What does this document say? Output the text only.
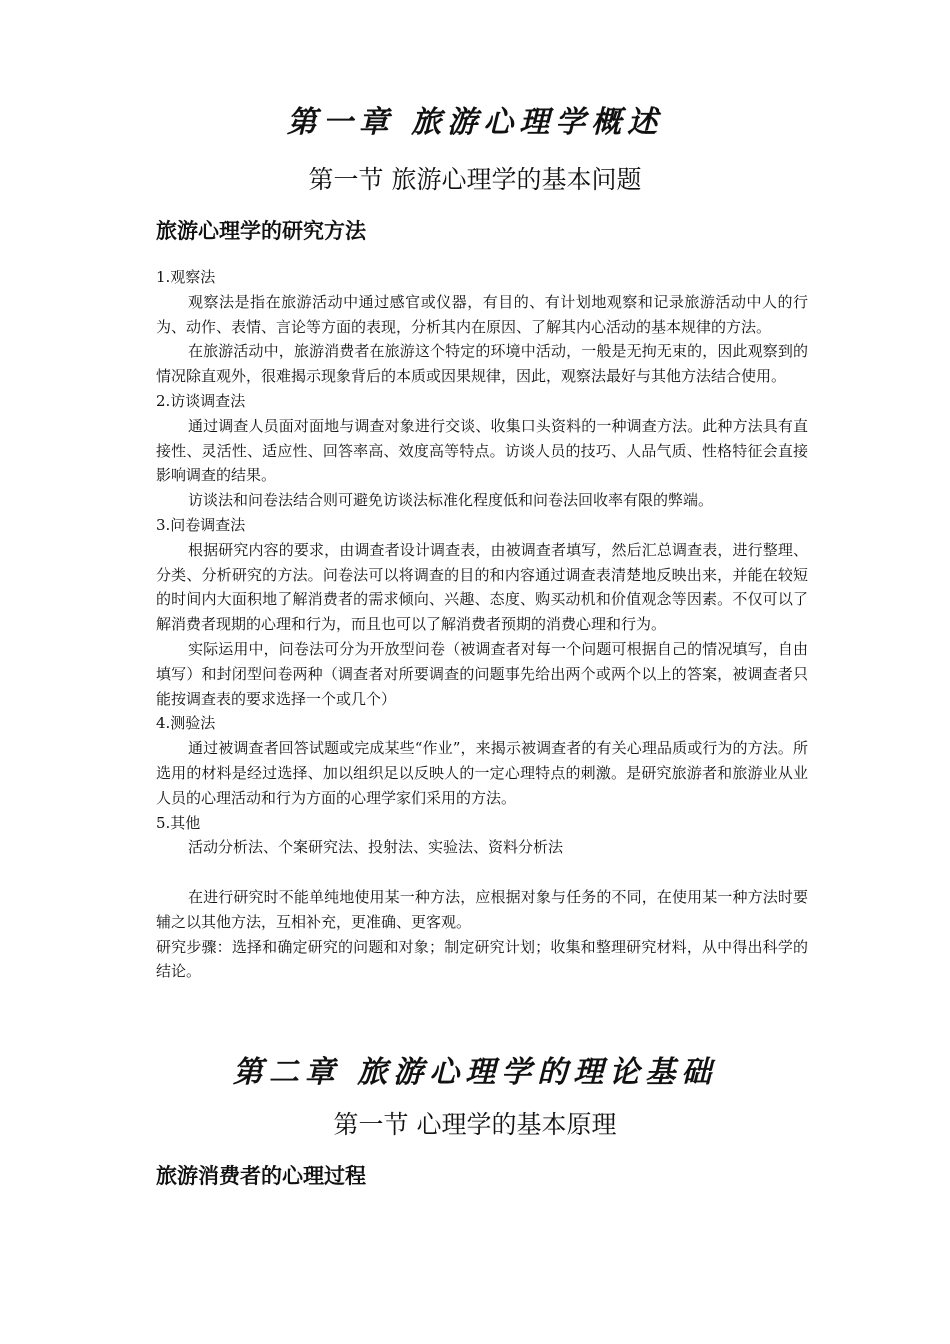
第一章 旅游心理学概述
第一节 旅游心理学的基本问题
旅游心理学的研究方法

1.观察法

观察法是指在旅游活动中通过感官或仪器，有目的、有计划地观察和记录旅游活动中人的行为、动作、表情、言论等方面的表现，分析其内在原因、了解其内心活动的基本规律的方法。

在旅游活动中，旅游消费者在旅游这个特定的环境中活动，一般是无拘无束的，因此观察到的情况除直观外，很难揭示现象背后的本质或因果规律，因此，观察法最好与其他方法结合使用。

2.访谈调查法

通过调查人员面对面地与调查对象进行交谈、收集口头资料的一种调查方法。此种方法具有直接性、灵活性、适应性、回答率高、效度高等特点。访谈人员的技巧、人品气质、性格特征会直接影响调查的结果。

访谈法和问卷法结合则可避免访谈法标准化程度低和问卷法回收率有限的弊端。

3.问卷调查法

根据研究内容的要求，由调查者设计调查表，由被调查者填写，然后汇总调查表，进行整理、分类、分析研究的方法。问卷法可以将调查的目的和内容通过调查表清楚地反映出来，并能在较短的时间内大面积地了解消费者的需求倾向、兴趣、态度、购买动机和价值观念等因素。不仅可以了解消费者现期的心理和行为，而且也可以了解消费者预期的消费心理和行为。

实际运用中，问卷法可分为开放型问卷（被调查者对每一个问题可根据自己的情况填写，自由填写）和封闭型问卷两种（调查者对所要调查的问题事先给出两个或两个以上的答案，被调查者只能按调查表的要求选择一个或几个）

4.测验法

通过被调查者回答试题或完成某些“作业”，来揭示被调查者的有关心理品质或行为的方法。所选用的材料是经过选择、加以组织足以反映人的一定心理特点的刺激。是研究旅游者和旅游业从业人员的心理活动和行为方面的心理学家们采用的方法。

5.其他

活动分析法、个案研究法、投射法、实验法、资料分析法

在进行研究时不能单纯地使用某一种方法，应根据对象与任务的不同，在使用某一种方法时要辅之以其他方法，互相补充，更准确、更客观。

研究步骤：选择和确定研究的问题和对象；制定研究计划；收集和整理研究材料，从中得出科学的结论。

第二章 旅游心理学的理论基础
第一节 心理学的基本原理
旅游消费者的心理过程
